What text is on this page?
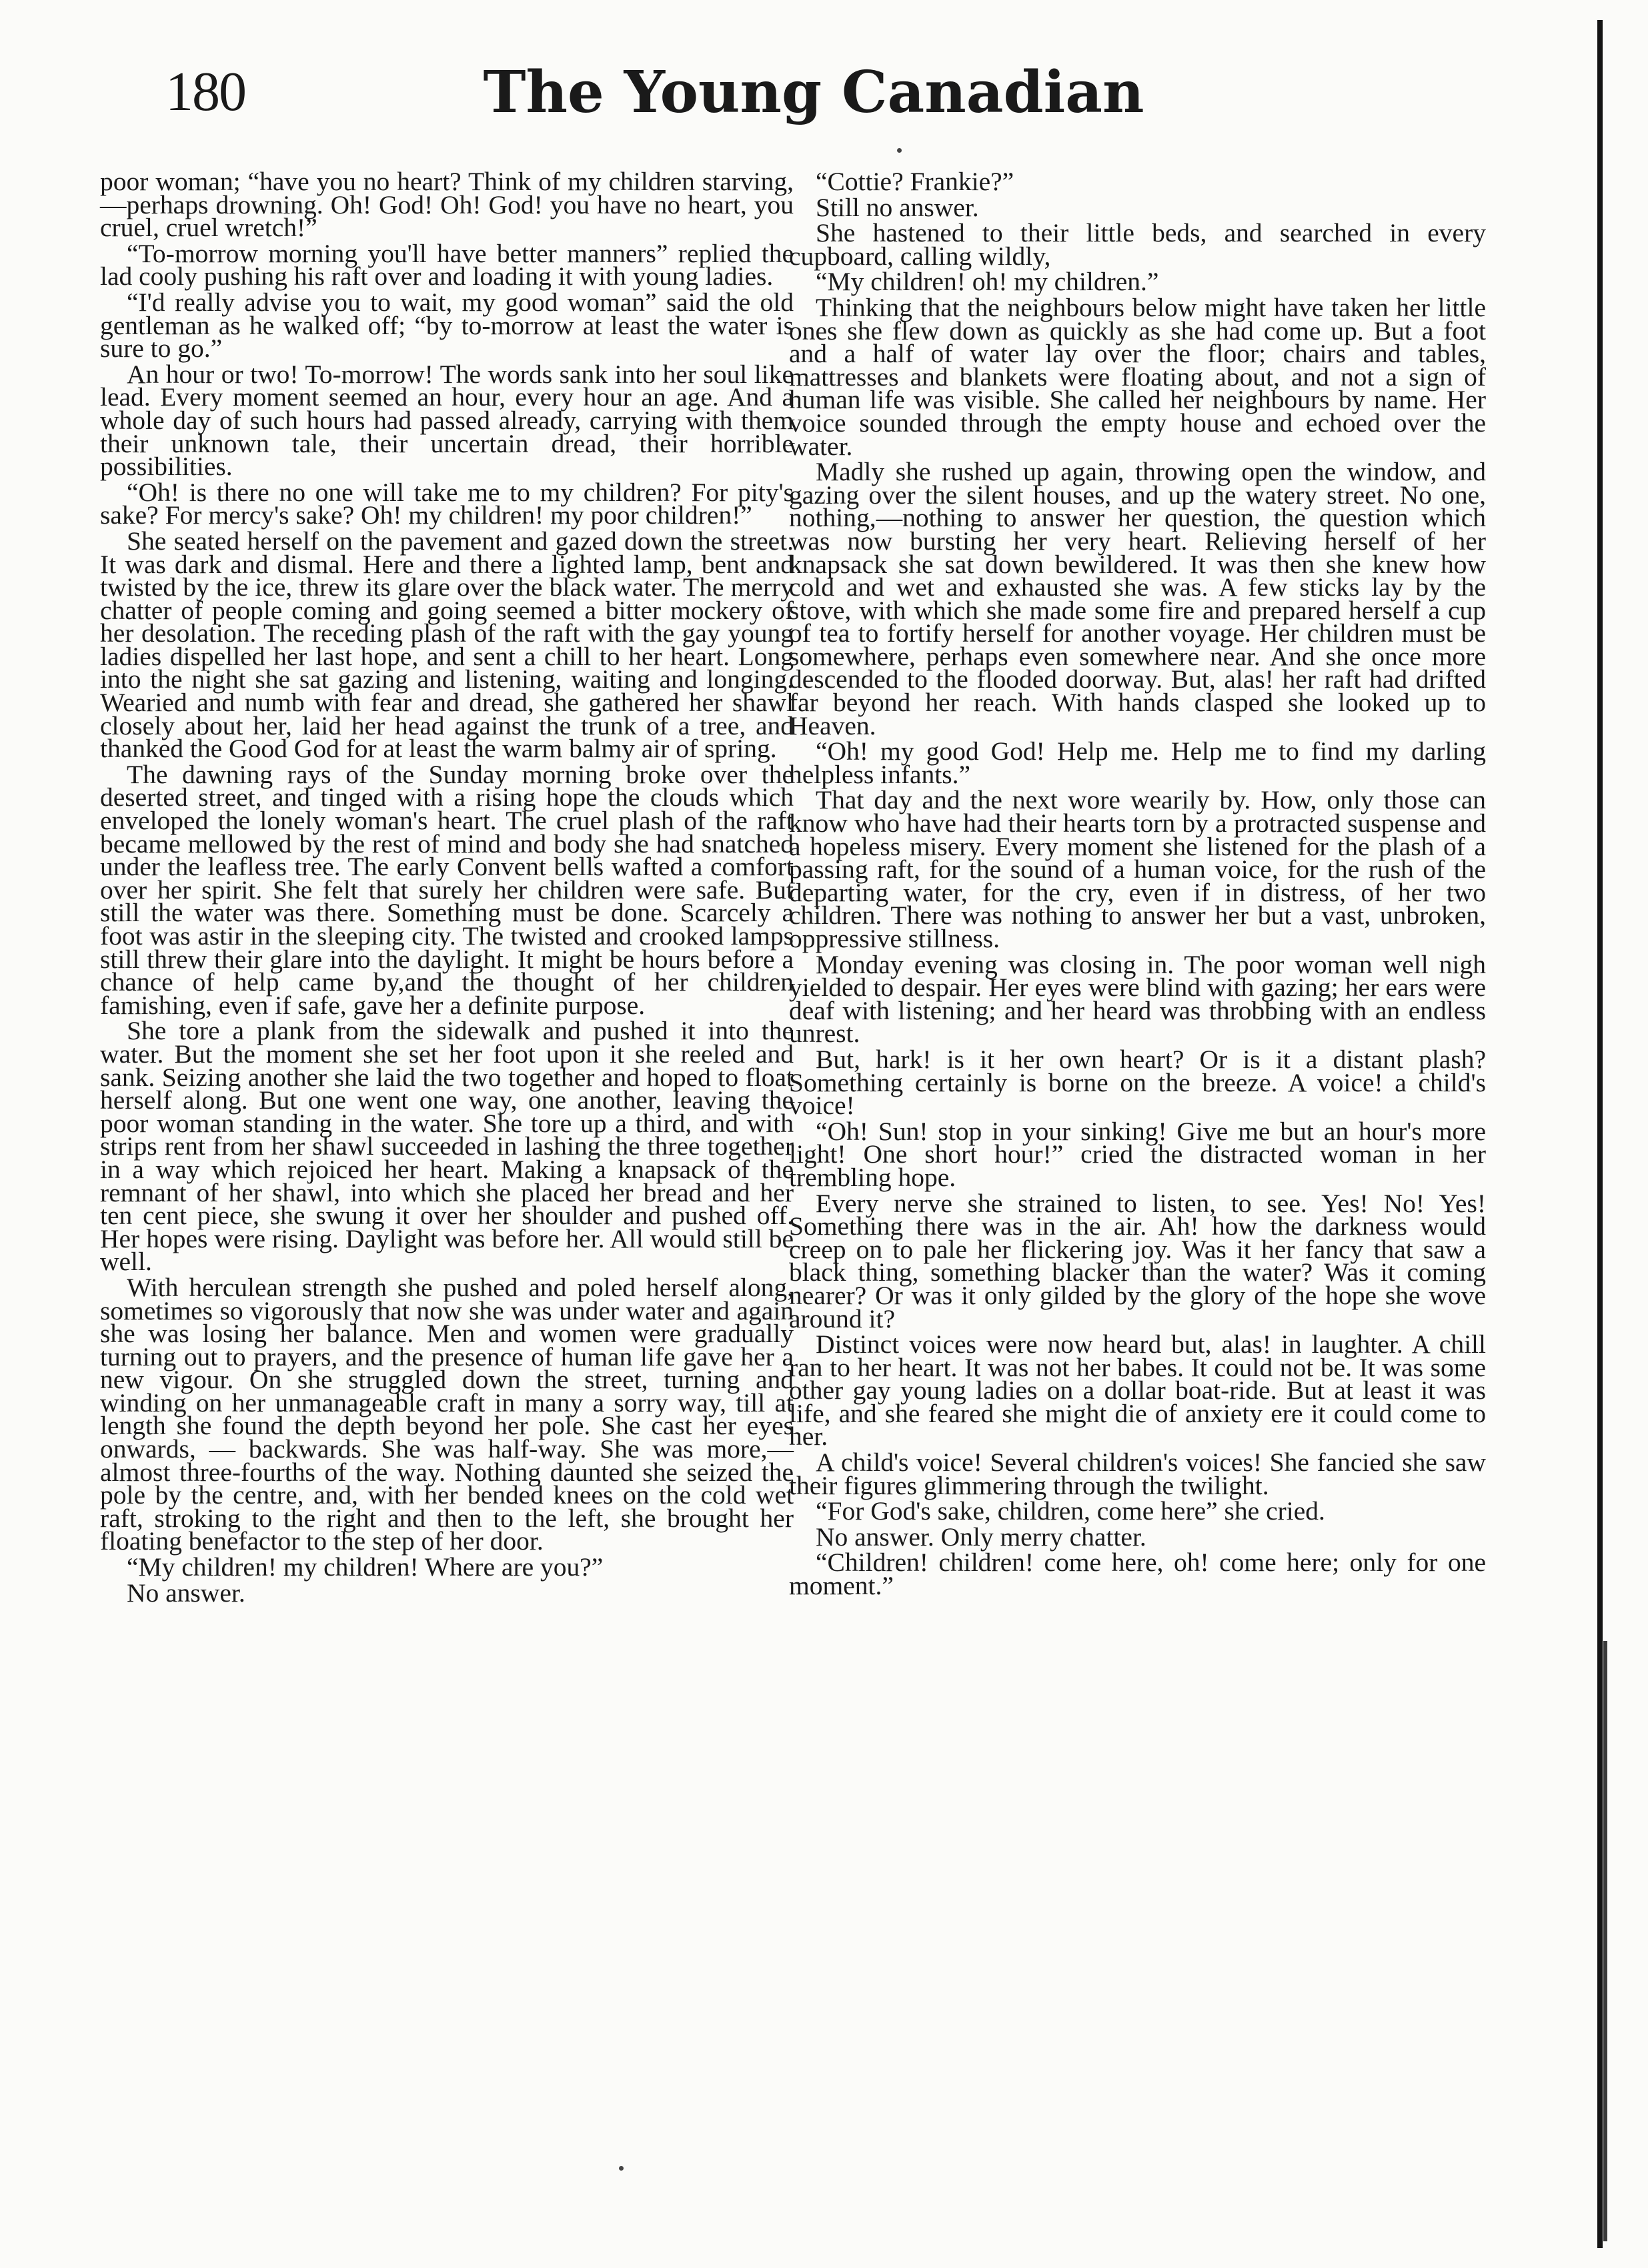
180	The Young Canadian

poor woman; “have you no heart? Think of my children starving, —perhaps drowning. Oh! God! Oh! God! you have no heart, you cruel, cruel wretch!”

“To-morrow morning you'll have better manners” replied the lad cooly pushing his raft over and loading it with young ladies.

“I'd really advise you to wait, my good woman” said the old gentleman as he walked off; “by to-morrow at least the water is sure to go.”

An hour or two! To-morrow! The words sank into her soul like lead. Every moment seemed an hour, every hour an age. And a whole day of such hours had passed already, carrying with them their unknown tale, their uncertain dread, their horrible possibilities.

“Oh! is there no one will take me to my children? For pity's sake? For mercy's sake? Oh! my children! my poor children!”

She seated herself on the pavement and gazed down the street. It was dark and dismal. Here and there a lighted lamp, bent and twisted by the ice, threw its glare over the black water. The merry chatter of people coming and going seemed a bitter mockery of her desolation. The receding plash of the raft with the gay young ladies dispelled her last hope, and sent a chill to her heart. Long into the night she sat gazing and listening, waiting and longing. Wearied and numb with fear and dread, she gathered her shawl closely about her, laid her head against the trunk of a tree, and thanked the Good God for at least the warm balmy air of spring.

The dawning rays of the Sunday morning broke over the deserted street, and tinged with a rising hope the clouds which enveloped the lonely woman's heart. The cruel plash of the raft became mellowed by the rest of mind and body she had snatched under the leafless tree. The early Convent bells wafted a comfort over her spirit. She felt that surely her children were safe. But still the water was there. Something must be done. Scarcely a foot was astir in the sleeping city. The twisted and crooked lamps still threw their glare into the daylight. It might be hours before a chance of help came by,and the thought of her children famishing, even if safe, gave her a definite purpose.

She tore a plank from the sidewalk and pushed it into the water. But the moment she set her foot upon it she reeled and sank. Seizing another she laid the two together and hoped to float herself along. But one went one way, one another, leaving the poor woman standing in the water. She tore up a third, and with strips rent from her shawl succeeded in lashing the three together in a way which rejoiced her heart. Making a knapsack of the remnant of her shawl, into which she placed her bread and her ten cent piece, she swung it over her shoulder and pushed off. Her hopes were rising. Daylight was before her. All would still be well.

With herculean strength she pushed and poled herself along, sometimes so vigorously that now she was under water and again she was losing her balance. Men and women were gradually turning out to prayers, and the presence of human life gave her a new vigour. On she struggled down the street, turning and winding on her unmanageable craft in many a sorry way, till at length she found the depth beyond her pole. She cast her eyes onwards, — backwards. She was half-way. She was more,—almost three-fourths of the way. Nothing daunted she seized the pole by the centre, and, with her bended knees on the cold wet raft, stroking to the right and then to the left, she brought her floating benefactor to the step of her door.

“My children! my children! Where are you?”

No answer.

“Cottie? Frankie?”

Still no answer.

She hastened to their little beds, and searched in every cupboard, calling wildly,

“My children! oh! my children.”

Thinking that the neighbours below might have taken her little ones she flew down as quickly as she had come up. But a foot and a half of water lay over the floor; chairs and tables, mattresses and blankets were floating about, and not a sign of human life was visible. She called her neighbours by name. Her voice sounded through the empty house and echoed over the water.

Madly she rushed up again, throwing open the window, and gazing over the silent houses, and up the watery street. No one, nothing,—nothing to answer her question, the question which was now bursting her very heart. Relieving herself of her knapsack she sat down bewildered. It was then she knew how cold and wet and exhausted she was. A few sticks lay by the stove, with which she made some fire and prepared herself a cup of tea to fortify herself for another voyage. Her children must be somewhere, perhaps even somewhere near. And she once more descended to the flooded doorway. But, alas! her raft had drifted far beyond her reach. With hands clasped she looked up to Heaven.

“Oh! my good God! Help me. Help me to find my darling helpless infants.”

That day and the next wore wearily by. How, only those can know who have had their hearts torn by a protracted suspense and a hopeless misery. Every moment she listened for the plash of a passing raft, for the sound of a human voice, for the rush of the departing water, for the cry, even if in distress, of her two children. There was nothing to answer her but a vast, unbroken, oppressive stillness.

Monday evening was closing in. The poor woman well nigh yielded to despair. Her eyes were blind with gazing; her ears were deaf with listening; and her heard was throbbing with an endless unrest.

But, hark! is it her own heart? Or is it a distant plash? Something certainly is borne on the breeze. A voice! a child's voice!

“Oh! Sun! stop in your sinking! Give me but an hour's more light! One short hour!” cried the distracted woman in her trembling hope.

Every nerve she strained to listen, to see. Yes! No! Yes! Something there was in the air. Ah! how the darkness would creep on to pale her flickering joy. Was it her fancy that saw a black thing, something blacker than the water? Was it coming nearer? Or was it only gilded by the glory of the hope she wove around it?

Distinct voices were now heard but, alas! in laughter. A chill ran to her heart. It was not her babes. It could not be. It was some other gay young ladies on a dollar boat-ride. But at least it was life, and she feared she might die of anxiety ere it could come to her.

A child's voice! Several children's voices! She fancied she saw their figures glimmering through the twilight.

“For God's sake, children, come here” she cried.

No answer. Only merry chatter.

“Children! children! come here, oh! come here; only for one moment.”
